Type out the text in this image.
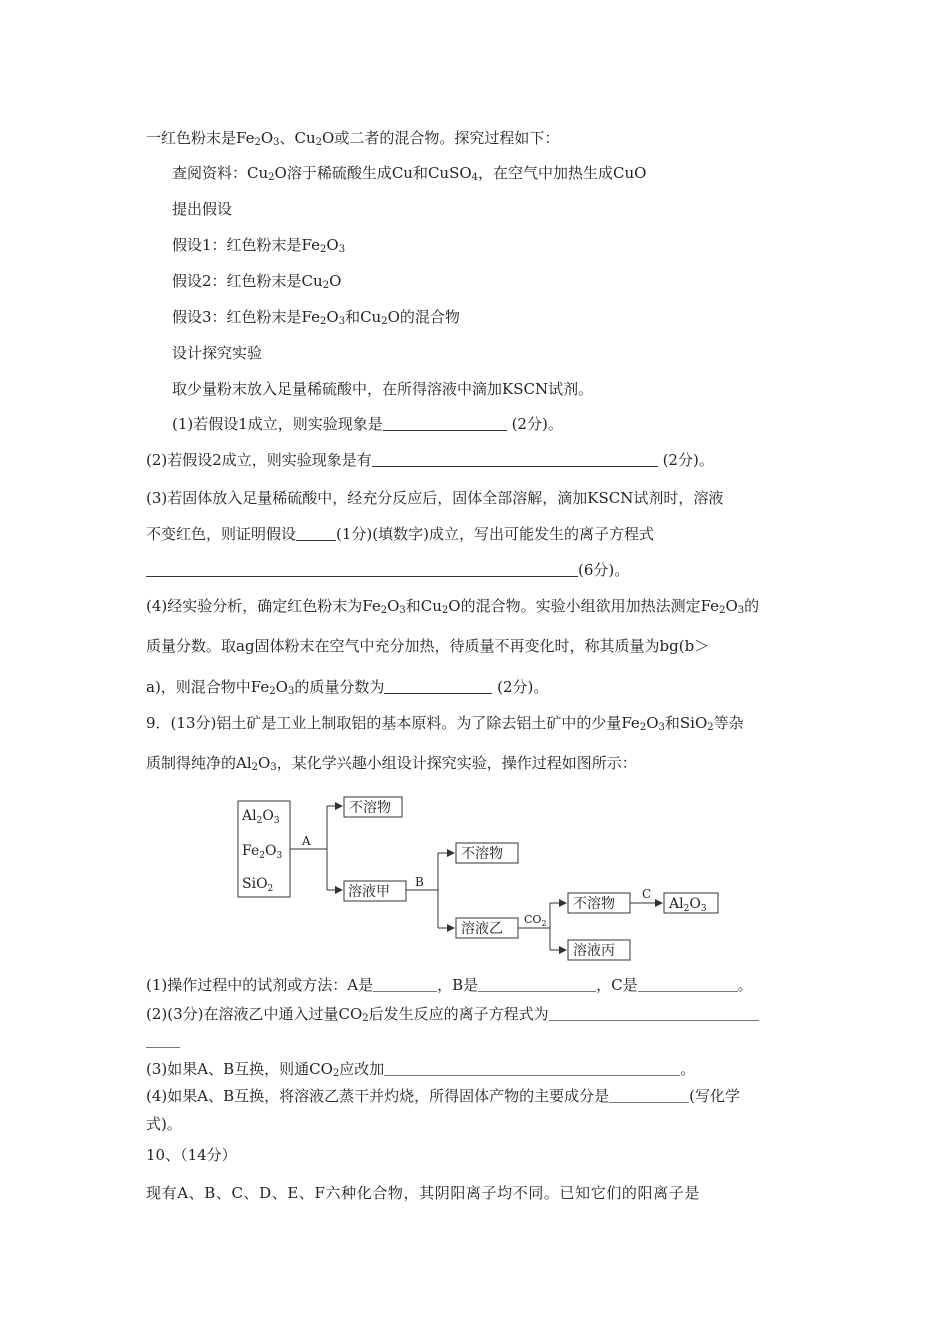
一红色粉末是$Fe_2O_3$、$Cu_2O$或二者的混合物。探究过程如下：
查阅资料：$Cu_2O$溶于稀硫酸生成Cu和CuSO$_4$，在空气中加热生成CuO
提出假设
假设1：红色粉末是$Fe_2O_3$
假设2：红色粉末是$Cu_2O$
假设3：红色粉末是$Fe_2O_3$和$Cu_2O$的混合物
设计探究实验
取少量粉末放入足量稀硫酸中，在所得溶液中滴加KSCN试剂。
(1)若假设1成立，则实验现象是	(2分)。
(2)若假设2成立，则实验现象是有	(2分)。
(3)若固体放入足量稀硫酸中，经充分反应后，固体全部溶解，滴加KSCN试剂时，溶液
不变红色，则证明假设	(1分)(填数字)成立，写出可能发生的离子方程式
(6分)。
(4)经实验分析，确定红色粉末为$Fe_2O_3$和$Cu_2O$的混合物。实验小组欲用加热法测定$Fe_2O_3$的
质量分数。取ag固体粉末在空气中充分加热，待质量不再变化时，称其质量为bg(b＞
a)，则混合物中$Fe_2O_3$的质量分数为	(2分)。
9．(13分)铝土矿是工业上制取铝的基本原料。为了除去铝土矿中的少量$Fe_2O_3$和SiO$_2$等杂
质制得纯净的$Al_2O_3$，某化学兴趣小组设计探究实验，操作过程如图所示：
$Al_2O_3$
$Fe_2O_3$
SiO$_2$
A
B
$CO_2$
C
不溶物
溶液甲
不溶物
溶液乙
不溶物
溶液丙
$Al_2O_3$
(1)操作过程中的试剂或方法：A是	，B是	，C是	。
(2)(3分)在溶液乙中通入过量$CO_2$后发生反应的离子方程式为
(3)如果A、B互换，则通$CO_2$应改加	。
(4)如果A、B互换，将溶液乙蒸干并灼烧，所得固体产物的主要成分是	(写化学
式)。
10、（14分）
现有A、B、C、D、E、F六种化合物，其阴阳离子均不同。已知它们的阳离子是
